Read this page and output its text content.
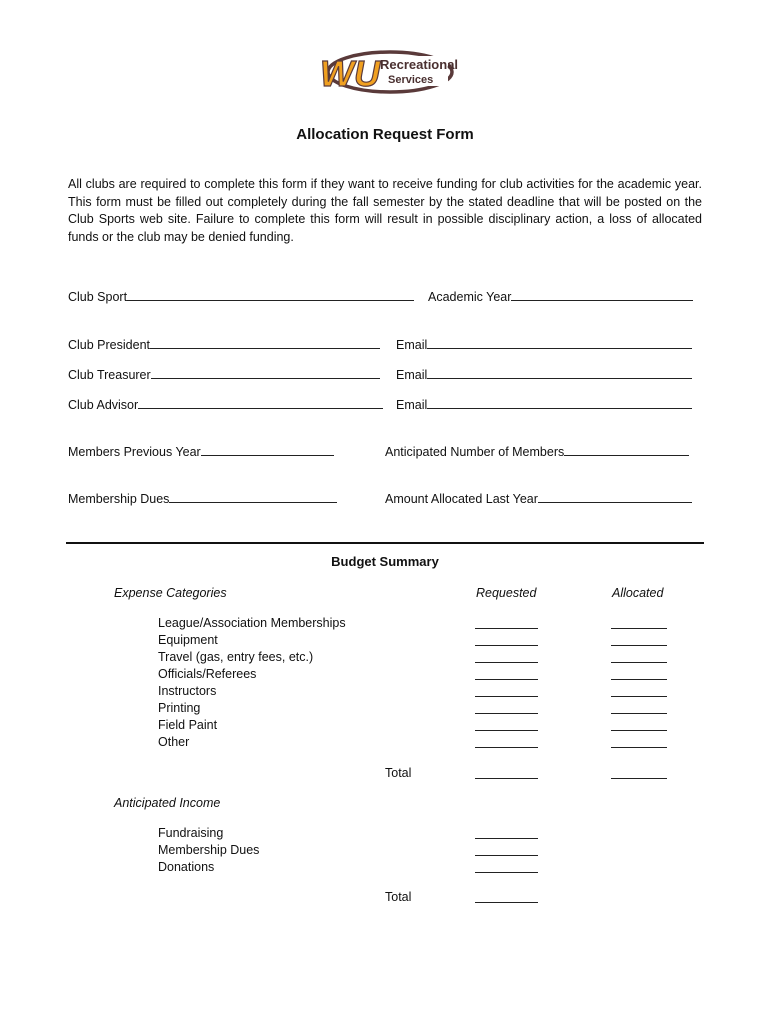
WU Recreational
Services
Allocation Request Form
All clubs are required to complete this form if they want to receive funding for club activities for the academic year. This form must be filled out completely during the fall semester by the stated deadline that will be posted on the Club Sports web site. Failure to complete this form will result in possible disciplinary action, a loss of allocated funds or the club may be denied funding.
Club Sport	Academic Year
Club President	Email
Club Treasurer	Email
Club Advisor	Email
Members Previous Year	Anticipated Number of Members
Membership Dues	Amount Allocated Last Year
Budget Summary
Expense Categories	Requested	Allocated
League/Association Memberships
Equipment
Travel (gas, entry fees, etc.)
Officials/Referees
Instructors
Printing
Field Paint
Other
Total
Anticipated Income
Fundraising
Membership Dues
Donations
Total
